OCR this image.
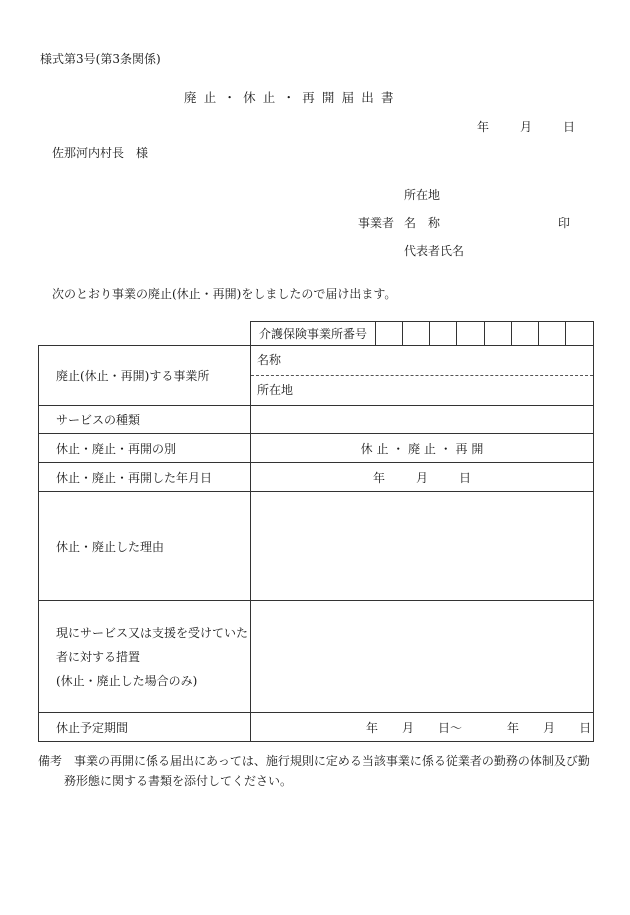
様式第3号(第3条関係)
廃止・休止・再開届出書
年	月	日
佐那河内村長　様
所在地
事業者 名　称	印
代表者氏名
次のとおり事業の廃止(休止・再開)をしましたので届け出ます。
	介護保険事業所番号								
廃止(休止・再開)する事業所	名称
所在地								

サービスの種類									
休止・廃止・再開の別	休 止 ・ 廃 止 ・ 再 開								
休止・廃止・再開した年月日	年 月 日								
休止・廃止した理由									

現にサービス又は支援を受けていた
者に対する措置
(休止・廃止した場合のみ)									

休止予定期間	年 月 日～ 年 月 日								
備考　事業の再開に係る届出にあっては、施行規則に定める当該事業に係る従業者の勤務の体制及び勤
務形態に関する書類を添付してください。
